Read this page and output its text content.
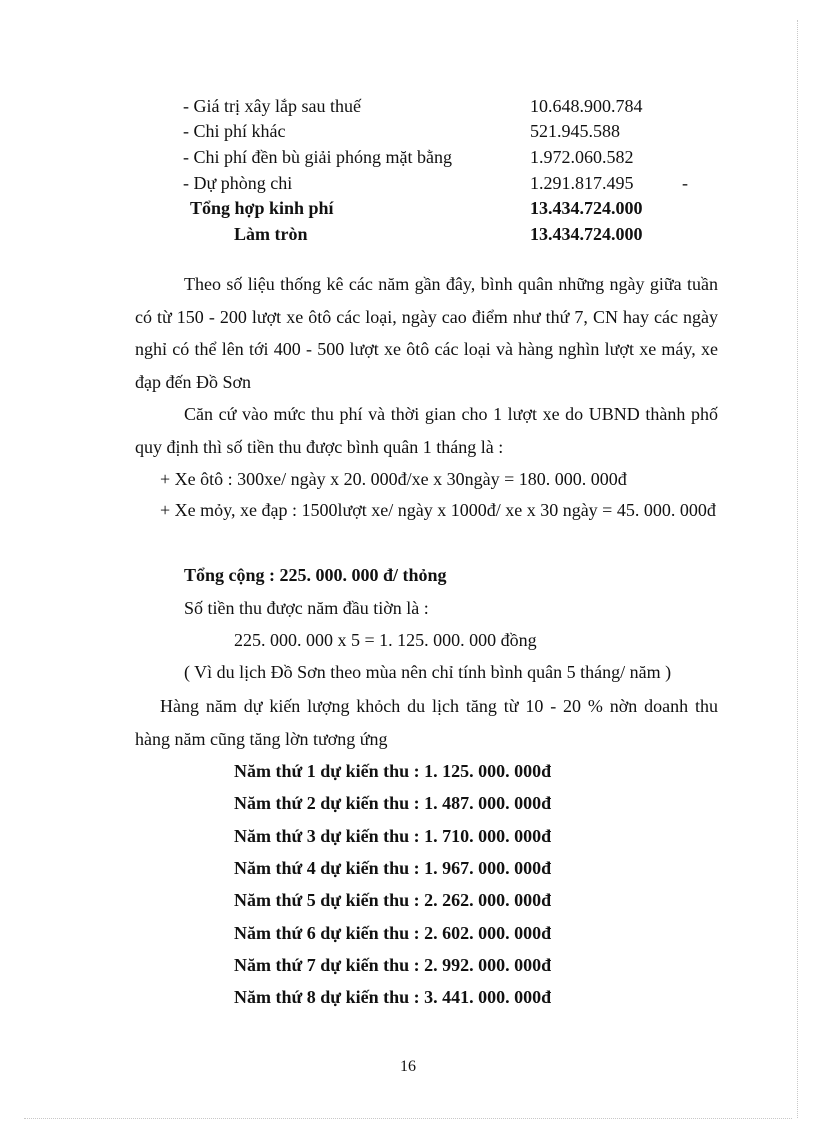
- Giá trị xây lắp sau thuế	10.648.900.784
- Chi phí khác	521.945.588
- Chi phí đền bù giải phóng mặt bằng	1.972.060.582
- Dự phòng chi	1.291.817.495	-
Tổng hợp kinh phí	13.434.724.000
Làm tròn	13.434.724.000
Theo số liệu thống kê các năm gần đây, bình quân những ngày giữa tuần có từ 150 - 200 lượt xe ôtô các loại, ngày cao điểm như thứ 7, CN hay các ngày nghỉ có thể lên tới 400 - 500 lượt xe ôtô các loại và hàng nghìn lượt xe máy, xe đạp đến Đồ Sơn
Căn cứ vào mức thu phí và thời gian cho 1 lượt xe do UBND thành phố quy định thì số tiền thu được bình quân 1 tháng là :
+ Xe ôtô : 300xe/ ngày x 20. 000đ/xe x 30ngày = 180. 000. 000đ
+ Xe mỏy, xe đạp : 1500lượt xe/ ngày x 1000đ/ xe x 30 ngày = 45. 000. 000đ
Tổng cộng : 225. 000. 000 đ/ thỏng
Số tiền thu được năm đầu tiờn là :
225. 000. 000 x 5 = 1. 125. 000. 000 đồng
( Vì du lịch Đồ Sơn theo mùa nên chỉ tính bình quân 5 tháng/ năm )
Hàng năm dự kiến lượng khỏch du lịch tăng từ 10 - 20 % nờn doanh thu hàng năm cũng tăng lờn tương ứng
Năm thứ 1 dự kiến thu : 1. 125. 000. 000đ
Năm thứ 2 dự kiến thu : 1. 487. 000. 000đ
Năm thứ 3 dự kiến thu : 1. 710. 000. 000đ
Năm thứ 4 dự kiến thu : 1. 967. 000. 000đ
Năm thứ 5 dự kiến thu : 2. 262. 000. 000đ
Năm thứ 6 dự kiến thu : 2. 602. 000. 000đ
Năm thứ 7 dự kiến thu : 2. 992. 000. 000đ
Năm thứ 8 dự kiến thu : 3. 441. 000. 000đ
16
